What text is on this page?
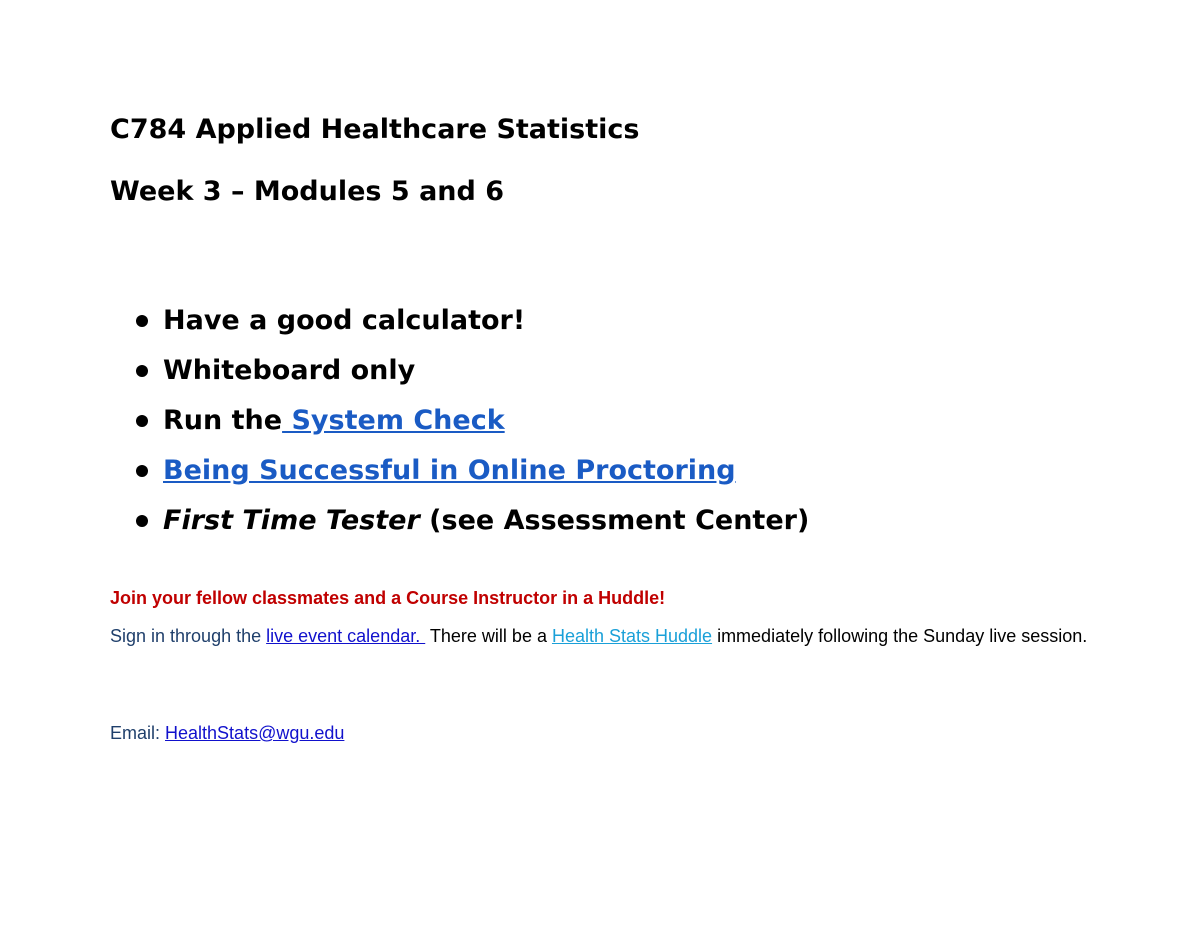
C784 Applied Healthcare Statistics
Week 3 – Modules 5 and 6
Have a good calculator!
Whiteboard only
Run the System Check
Being Successful in Online Proctoring
First Time Tester (see Assessment Center)

Join your fellow classmates and a Course Instructor in a Huddle!

Sign in through the live event calendar.  There will be a Health Stats Huddle immediately following the Sunday live session.

Email: HealthStats@wgu.edu
